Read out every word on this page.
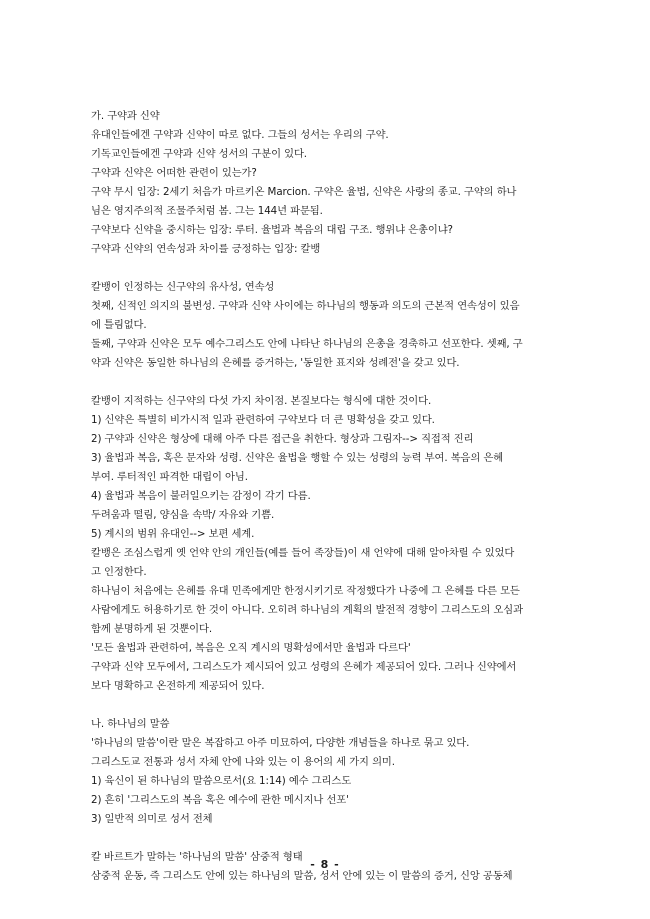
가. 구약과 신약
유대인들에겐 구약과 신약이 따로 없다. 그들의 성서는 우리의 구약.
기독교인들에겐 구약과 신약 성서의 구분이 있다.
구약과 신약은 어떠한 관련이 있는가?
구약 무시 입장: 2세기 처음가 마르키온 Marcion. 구약은 율법, 신약은 사랑의 종교. 구약의 하나
님은 영지주의적 조물주처럼 봄. 그는 144년 파문됨.
구약보다 신약을 중시하는 입장: 루터. 율법과 복음의 대립 구조. 행위냐 은총이냐?
구약과 신약의 연속성과 차이를 긍정하는 입장: 칼뱅
칼뱅이 인정하는 신구약의 유사성, 연속성
첫째, 신적인 의지의 불변성. 구약과 신약 사이에는 하나님의 행동과 의도의 근본적 연속성이 있음
에 틀림없다.
둘째, 구약과 신약은 모두 예수그리스도 안에 나타난 하나님의 은총을 경축하고 선포한다. 셋째, 구
약과 신약은 동일한 하나님의 은혜를 증거하는, '동일한 표지와 성례전'을 갖고 있다.
칼뱅이 지적하는 신구약의 다섯 가지 차이점. 본질보다는 형식에 대한 것이다.
1) 신약은 특별히 비가시적 일과 관련하여 구약보다 더 큰 명확성을 갖고 있다.
2) 구약과 신약은 형상에 대해 아주 다른 접근을 취한다. 형상과 그림자--> 직접적 진리
3) 율법과 복음, 혹은 문자와 성령. 신약은 율법을 행할 수 있는 성령의 능력 부여. 복음의 은혜
부여. 루터적인 파격한 대립이 아님.
4) 율법과 복음이 불러일으키는 감정이 각기 다름.
두려움과 떨림, 양심을 속박/ 자유와 기쁨.
5) 계시의 범위 유대인--> 보편 세계.
칼뱅은 조심스럽게 옛 언약 안의 개인들(예를 들어 족장들)이 새 언약에 대해 알아차릴 수 있었다
고 인정한다.
하나님이 처음에는 은혜를 유대 민족에게만 한정시키기로 작정했다가 나중에 그 은혜를 다른 모든
사람에게도 허용하기로 한 것이 아니다. 오히려 하나님의 계획의 발전적 경향이 그리스도의 오심과
함께 분명하게 된 것뿐이다.
'모든 율법과 관련하여, 복음은 오직 계시의 명확성에서만 율법과 다르다'
구약과 신약 모두에서, 그리스도가 제시되어 있고 성령의 은혜가 제공되어 있다. 그러나 신약에서
보다 명확하고 온전하게 제공되어 있다.
나. 하나님의 말씀
'하나님의 말씀'이란 말은 복잡하고 아주 미묘하여, 다양한 개념들을 하나로 묶고 있다.
그리스도교 전통과 성서 자체 안에 나와 있는 이 용어의 세 가지 의미.
1) 육신이 된 하나님의 말씀으로서(요 1:14) 예수 그리스도
2) 흔히 '그리스도의 복음 혹은 예수에 관한 메시지나 선포'
3) 일반적 의미로 성서 전체
칼 바르트가 말하는 '하나님의 말씀' 삼중적 형태
삼중적 운동, 즉 그리스도 안에 있는 하나님의 말씀, 성서 안에 있는 이 말씀의 증거, 신앙 공동체
- 8 -
